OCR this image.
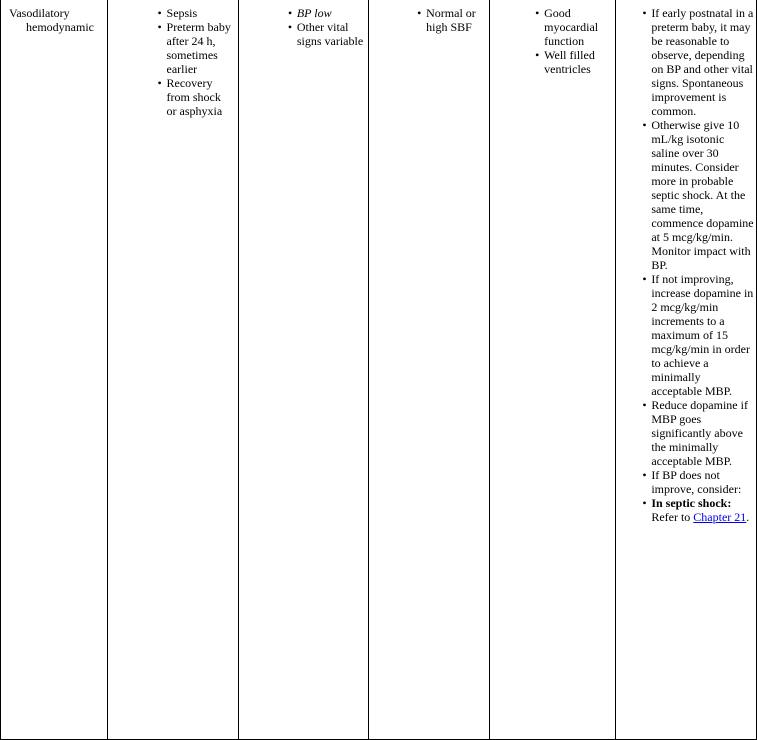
Vasodilatory
hemodynamic

• Sepsis
• Preterm baby after 24 h, sometimes earlier
• Recovery from shock or asphyxia

• BP low
• Other vital signs variable

• Normal or
high SBF

• Good myocardial function
• Well filled ventricles

• If early postnatal in a preterm baby, it may be reasonable to observe, depending on BP and other vital signs. Spontaneous improvement is common.
• Otherwise give 10 mL/kg isotonic saline over 30 minutes. Consider more in probable septic shock. At the same time, commence dopamine at 5 mcg/kg/min. Monitor impact with BP.
• If not improving, increase dopamine in 2 mcg/kg/min increments to a maximum of 15 mcg/kg/min in order to achieve a minimally acceptable MBP.
• Reduce dopamine if MBP goes significantly above the minimally acceptable MBP.
• If BP does not improve, consider:
• In septic shock: Refer to Chapter 21.
